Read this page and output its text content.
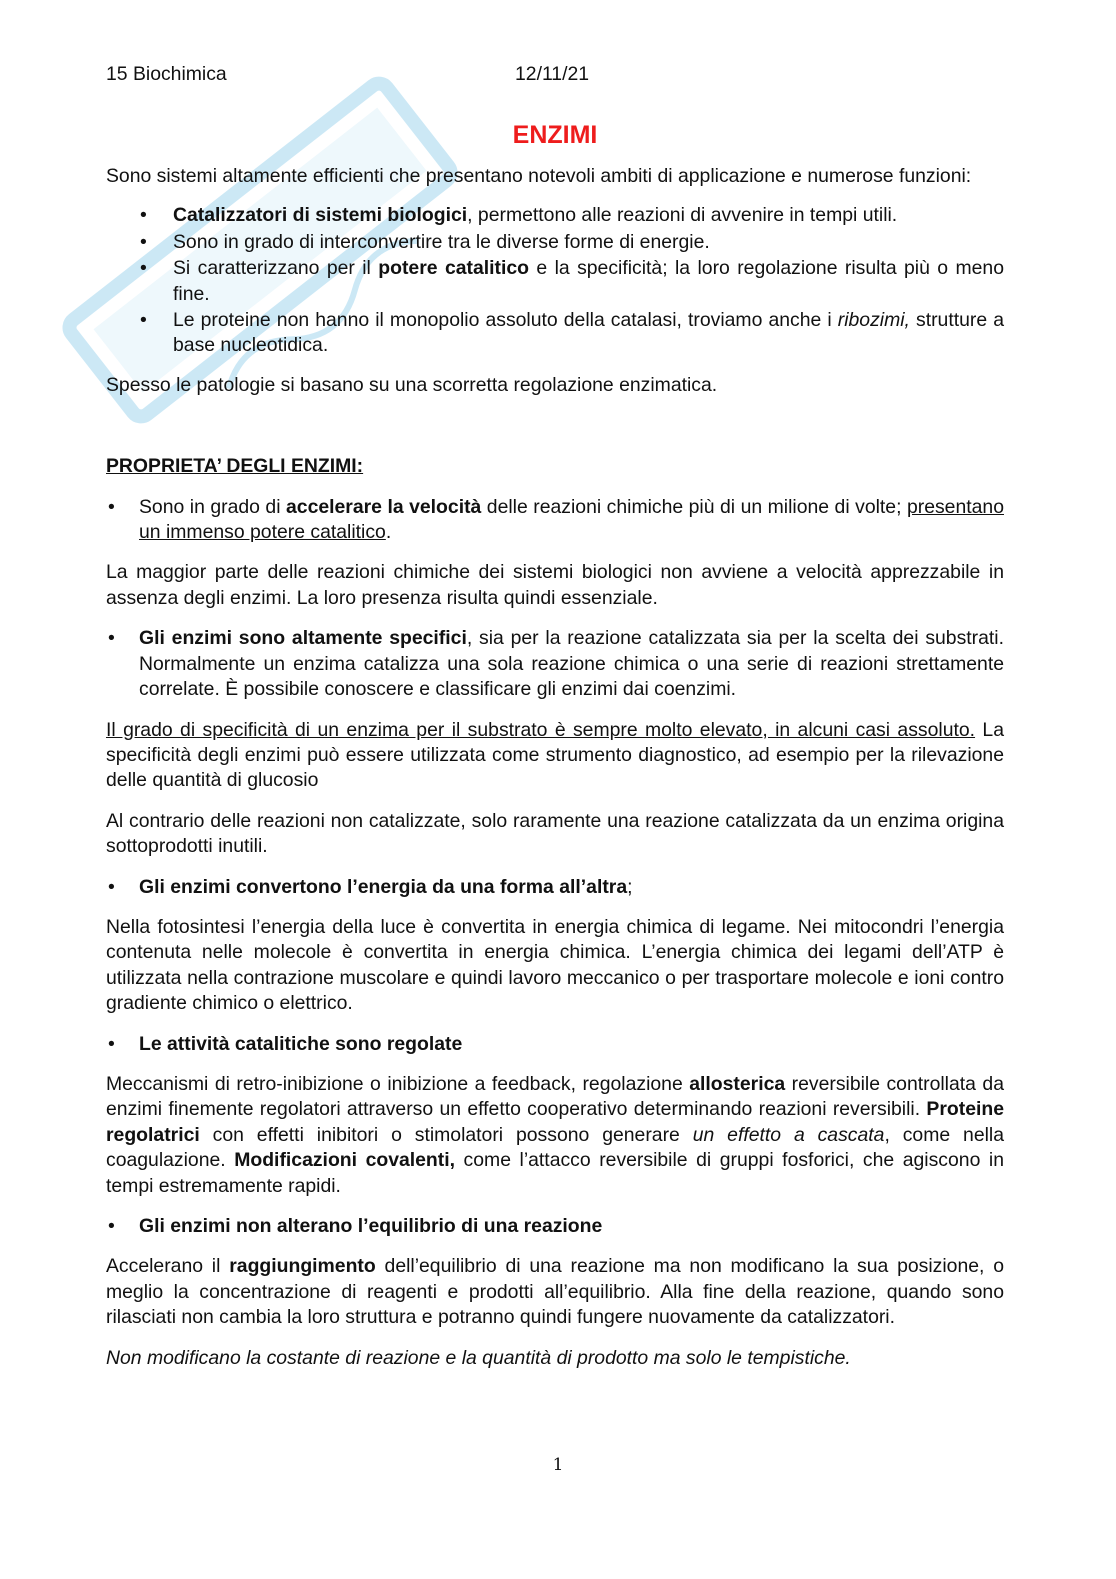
15 Biochimica	12/11/21
ENZIMI

Sono sistemi altamente efficienti che presentano notevoli ambiti di applicazione e numerose funzioni:

• Catalizzatori di sistemi biologici, permettono alle reazioni di avvenire in tempi utili.
• Sono in grado di interconvertire tra le diverse forme di energie.
• Si caratterizzano per il potere catalitico e la specificità; la loro regolazione risulta più o meno fine.
• Le proteine non hanno il monopolio assoluto della catalasi, troviamo anche i ribozimi, strutture a base nucleotidica.

Spesso le patologie si basano su una scorretta regolazione enzimatica.

PROPRIETA’ DEGLI ENZIMI:

• Sono in grado di accelerare la velocità delle reazioni chimiche più di un milione di volte; presentano un immenso potere catalitico.

La maggior parte delle reazioni chimiche dei sistemi biologici non avviene a velocità apprezzabile in assenza degli enzimi. La loro presenza risulta quindi essenziale.

• Gli enzimi sono altamente specifici, sia per la reazione catalizzata sia per la scelta dei substrati. Normalmente un enzima catalizza una sola reazione chimica o una serie di reazioni strettamente correlate. È possibile conoscere e classificare gli enzimi dai coenzimi.

Il grado di specificità di un enzima per il substrato è sempre molto elevato, in alcuni casi assoluto. La specificità degli enzimi può essere utilizzata come strumento diagnostico, ad esempio per la rilevazione delle quantità di glucosio

Al contrario delle reazioni non catalizzate, solo raramente una reazione catalizzata da un enzima origina sottoprodotti inutili.

• Gli enzimi convertono l’energia da una forma all’altra;

Nella fotosintesi l’energia della luce è convertita in energia chimica di legame. Nei mitocondri l’energia contenuta nelle molecole è convertita in energia chimica. L’energia chimica dei legami dell’ATP è utilizzata nella contrazione muscolare e quindi lavoro meccanico o per trasportare molecole e ioni contro gradiente chimico o elettrico.

• Le attività catalitiche sono regolate

Meccanismi di retro-inibizione o inibizione a feedback, regolazione allosterica reversibile controllata da enzimi finemente regolatori attraverso un effetto cooperativo determinando reazioni reversibili. Proteine regolatrici con effetti inibitori o stimolatori possono generare un effetto a cascata, come nella coagulazione. Modificazioni covalenti, come l’attacco reversibile di gruppi fosforici, che agiscono in tempi estremamente rapidi.

• Gli enzimi non alterano l’equilibrio di una reazione

Accelerano il raggiungimento dell’equilibrio di una reazione ma non modificano la sua posizione, o meglio la concentrazione di reagenti e prodotti all’equilibrio. Alla fine della reazione, quando sono rilasciati non cambia la loro struttura e potranno quindi fungere nuovamente da catalizzatori.

Non modificano la costante di reazione e la quantità di prodotto ma solo le tempistiche.

1
